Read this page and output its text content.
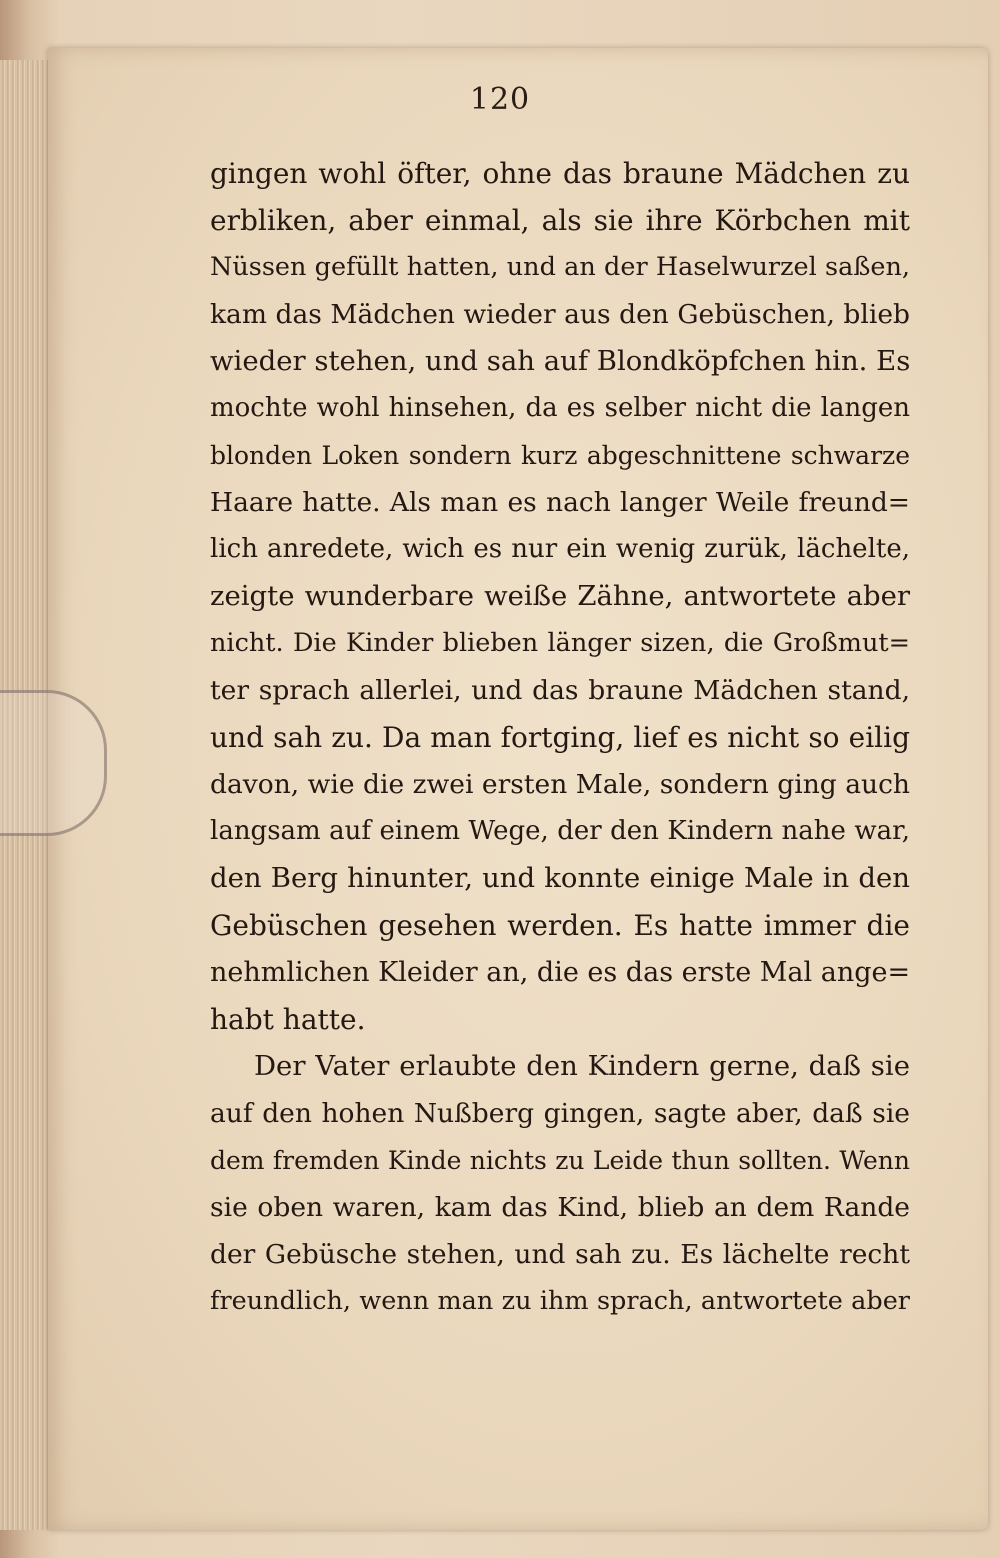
120
gingen wohl öfter, ohne das braune Mädchen zu
erbliken, aber einmal, als sie ihre Körbchen mit
Nüssen gefüllt hatten, und an der Haselwurzel saßen,
kam das Mädchen wieder aus den Gebüschen, blieb
wieder stehen, und sah auf Blondköpfchen hin. Es
mochte wohl hinsehen, da es selber nicht die langen
blonden Loken sondern kurz abgeschnittene schwarze
Haare hatte. Als man es nach langer Weile freund=
lich anredete, wich es nur ein wenig zurük, lächelte,
zeigte wunderbare weiße Zähne, antwortete aber
nicht. Die Kinder blieben länger sizen, die Großmut=
ter sprach allerlei, und das braune Mädchen stand,
und sah zu. Da man fortging, lief es nicht so eilig
davon, wie die zwei ersten Male, sondern ging auch
langsam auf einem Wege, der den Kindern nahe war,
den Berg hinunter, und konnte einige Male in den
Gebüschen gesehen werden. Es hatte immer die
nehmlichen Kleider an, die es das erste Mal ange=
habt hatte.
Der Vater erlaubte den Kindern gerne, daß sie
auf den hohen Nußberg gingen, sagte aber, daß sie
dem fremden Kinde nichts zu Leide thun sollten. Wenn
sie oben waren, kam das Kind, blieb an dem Rande
der Gebüsche stehen, und sah zu. Es lächelte recht
freundlich, wenn man zu ihm sprach, antwortete aber
